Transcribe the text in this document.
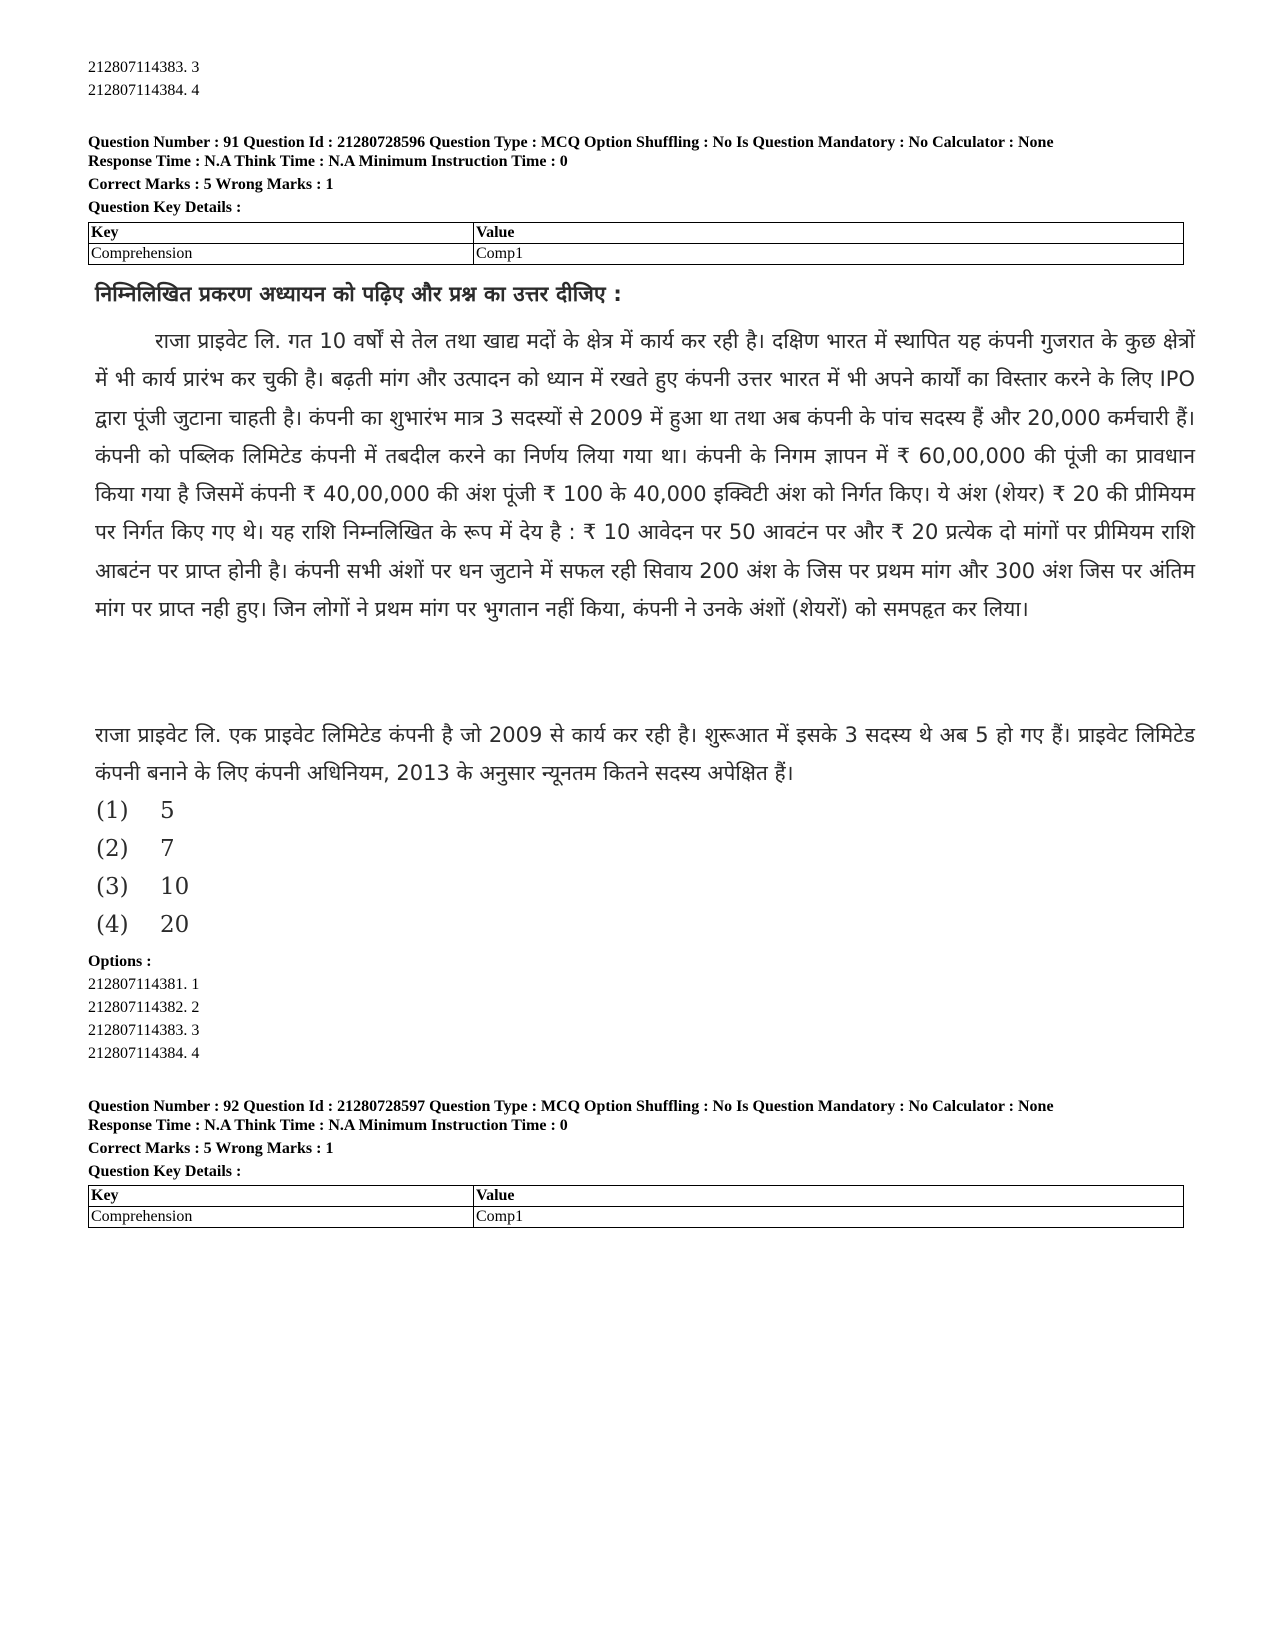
212807114383. 3
212807114384. 4
Question Number : 91 Question Id : 21280728596 Question Type : MCQ Option Shuffling : No Is Question Mandatory : No Calculator : None
Response Time : N.A Think Time : N.A Minimum Instruction Time : 0
Correct Marks : 5 Wrong Marks : 1
Question Key Details :
Key	Value
Comprehension	Comp1
निम्निलिखित प्रकरण अध्यायन को पढ़िए और प्रश्न का उत्तर दीजिए :
राजा प्राइवेट लि. गत 10 वर्षों से तेल तथा खाद्य मदों के क्षेत्र में कार्य कर रही है। दक्षिण भारत में स्थापित यह कंपनी गुजरात के कुछ क्षेत्रों में भी कार्य प्रारंभ कर चुकी है। बढ़ती मांग और उत्पादन को ध्यान में रखते हुए कंपनी उत्तर भारत में भी अपने कार्यों का विस्तार करने के लिए IPO द्वारा पूंजी जुटाना चाहती है। कंपनी का शुभारंभ मात्र 3 सदस्यों से 2009 में हुआ था तथा अब कंपनी के पांच सदस्य हैं और 20,000 कर्मचारी हैं। कंपनी को पब्लिक लिमिटेड कंपनी में तबदील करने का निर्णय लिया गया था। कंपनी के निगम ज्ञापन में ₹ 60,00,000 की पूंजी का प्रावधान किया गया है जिसमें कंपनी ₹ 40,00,000 की अंश पूंजी ₹ 100 के 40,000 इक्विटी अंश को निर्गत किए। ये अंश (शेयर) ₹ 20 की प्रीमियम पर निर्गत किए गए थे। यह राशि निम्नलिखित के रूप में देय है : ₹ 10 आवेदन पर 50 आवटंन पर और ₹ 20 प्रत्येक दो मांगों पर प्रीमियम राशि आबटंन पर प्राप्त होनी है। कंपनी सभी अंशों पर धन जुटाने में सफल रही सिवाय 200 अंश के जिस पर प्रथम मांग और 300 अंश जिस पर अंतिम मांग पर प्राप्त नही हुए। जिन लोगों ने प्रथम मांग पर भुगतान नहीं किया, कंपनी ने उनके अंशों (शेयरों) को समपहृत कर लिया।
राजा प्राइवेट लि. एक प्राइवेट लिमिटेड कंपनी है जो 2009 से कार्य कर रही है। शुरूआत में इसके 3 सदस्य थे अब 5 हो गए हैं। प्राइवेट लिमिटेड कंपनी बनाने के लिए कंपनी अधिनियम, 2013 के अनुसार न्यूनतम कितने सदस्य अपेक्षित हैं।
(1) 5
(2) 7
(3) 10
(4) 20
Options :
212807114381. 1
212807114382. 2
212807114383. 3
212807114384. 4
Question Number : 92 Question Id : 21280728597 Question Type : MCQ Option Shuffling : No Is Question Mandatory : No Calculator : None
Response Time : N.A Think Time : N.A Minimum Instruction Time : 0
Correct Marks : 5 Wrong Marks : 1
Question Key Details :
Key	Value
Comprehension	Comp1
